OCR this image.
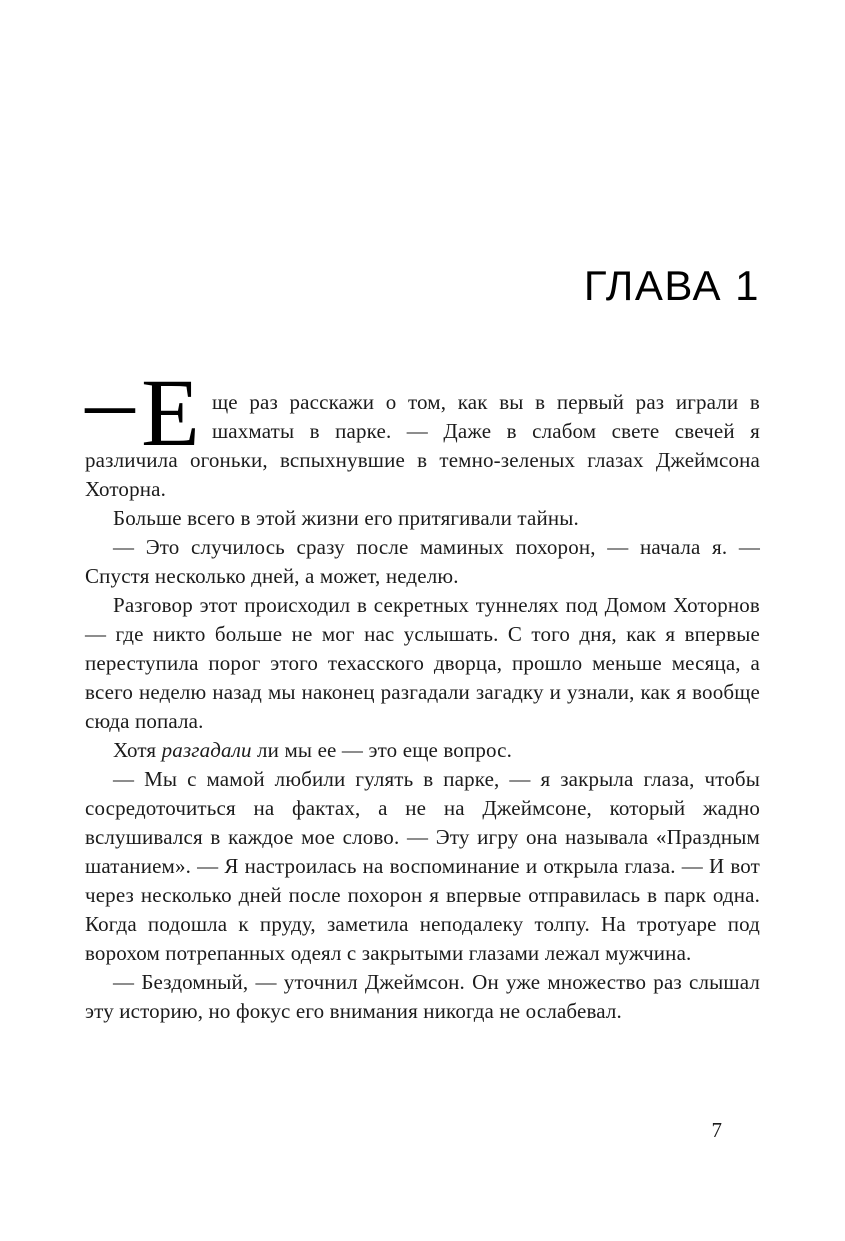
ГЛАВА 1

—Е ще раз расскажи о том, как вы в первый раз играли в шахматы в парке. — Даже в слабом свете свечей я различила огоньки, вспыхнувшие в темно-зеленых глазах Джеймсона Хоторна.

Больше всего в этой жизни его притягивали тайны.

— Это случилось сразу после маминых похорон, — начала я. — Спустя несколько дней, а может, неделю.

Разговор этот происходил в секретных туннелях под Домом Хоторнов — где никто больше не мог нас услышать. С того дня, как я впервые переступила порог этого техасского дворца, прошло меньше месяца, а всего неделю назад мы наконец разгадали загадку и узнали, как я вообще сюда попала.

Хотя разгадали ли мы ее — это еще вопрос.

— Мы с мамой любили гулять в парке, — я закрыла глаза, чтобы сосредоточиться на фактах, а не на Джеймсоне, который жадно вслушивался в каждое мое слово. — Эту игру она называла «Праздным шатанием». — Я настроилась на воспоминание и открыла глаза. — И вот через несколько дней после похорон я впервые отправилась в парк одна. Когда подошла к пруду, заметила неподалеку толпу. На тротуаре под ворохом потрепанных одеял с закрытыми глазами лежал мужчина.

— Бездомный, — уточнил Джеймсон. Он уже множество раз слышал эту историю, но фокус его внимания никогда не ослабевал.

7
